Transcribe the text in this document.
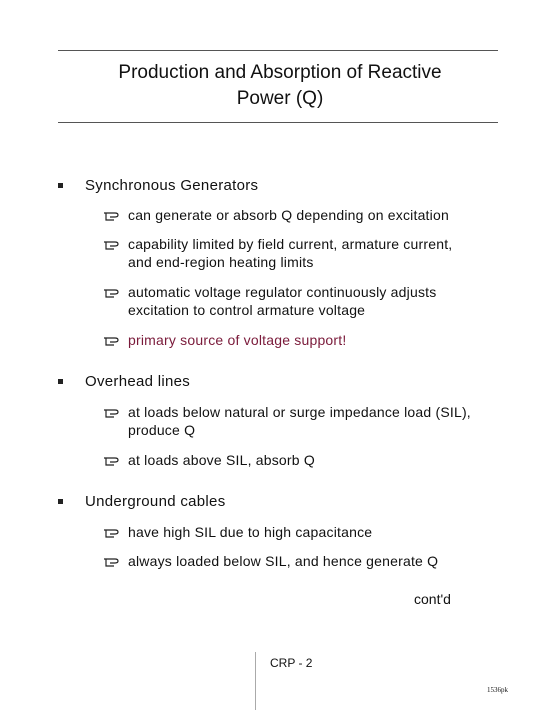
Production and Absorption of Reactive
Power (Q)
Synchronous Generators
can generate or absorb Q depending on excitation
capability limited by field current, armature current,
and end-region heating limits
automatic voltage regulator continuously adjusts
excitation to control armature voltage
primary source of voltage support!
Overhead lines
at loads below natural or surge impedance load (SIL),
produce Q
at loads above SIL, absorb Q
Underground cables
have high SIL due to high capacitance
always loaded below SIL, and hence generate Q
cont'd
CRP - 2
1536pk
